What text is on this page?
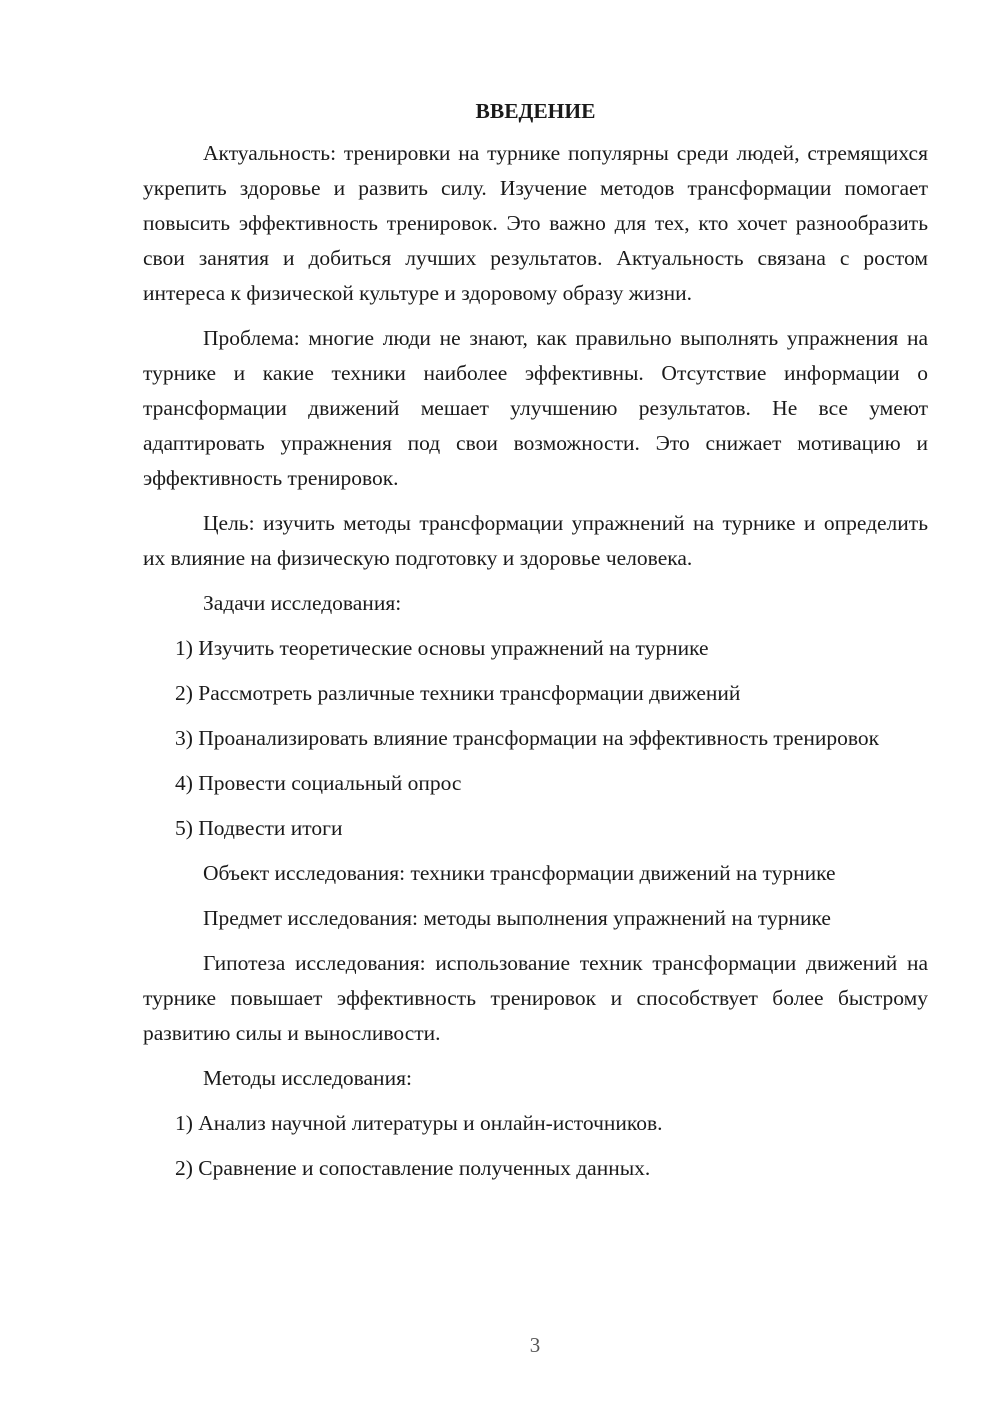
ВВЕДЕНИЕ

Актуальность: тренировки на турнике популярны среди людей, стремящихся укрепить здоровье и развить силу. Изучение методов трансформации помогает повысить эффективность тренировок. Это важно для тех, кто хочет разнообразить свои занятия и добиться лучших результатов. Актуальность связана с ростом интереса к физической культуре и здоровому образу жизни.

Проблема: многие люди не знают, как правильно выполнять упражнения на турнике и какие техники наиболее эффективны. Отсутствие информации о трансформации движений мешает улучшению результатов. Не все умеют адаптировать упражнения под свои возможности. Это снижает мотивацию и эффективность тренировок.

Цель: изучить методы трансформации упражнений на турнике и определить их влияние на физическую подготовку и здоровье человека.

Задачи исследования:

1) Изучить теоретические основы упражнений на турнике

2) Рассмотреть различные техники трансформации движений

3) Проанализировать влияние трансформации на эффективность тренировок

4) Провести социальный опрос

5) Подвести итоги

Объект исследования: техники трансформации движений на турнике

Предмет исследования: методы выполнения упражнений на турнике

Гипотеза исследования: использование техник трансформации движений на турнике повышает эффективность тренировок и способствует более быстрому развитию силы и выносливости.

Методы исследования:

1) Анализ научной литературы и онлайн-источников.

2) Сравнение и сопоставление полученных данных.

3
